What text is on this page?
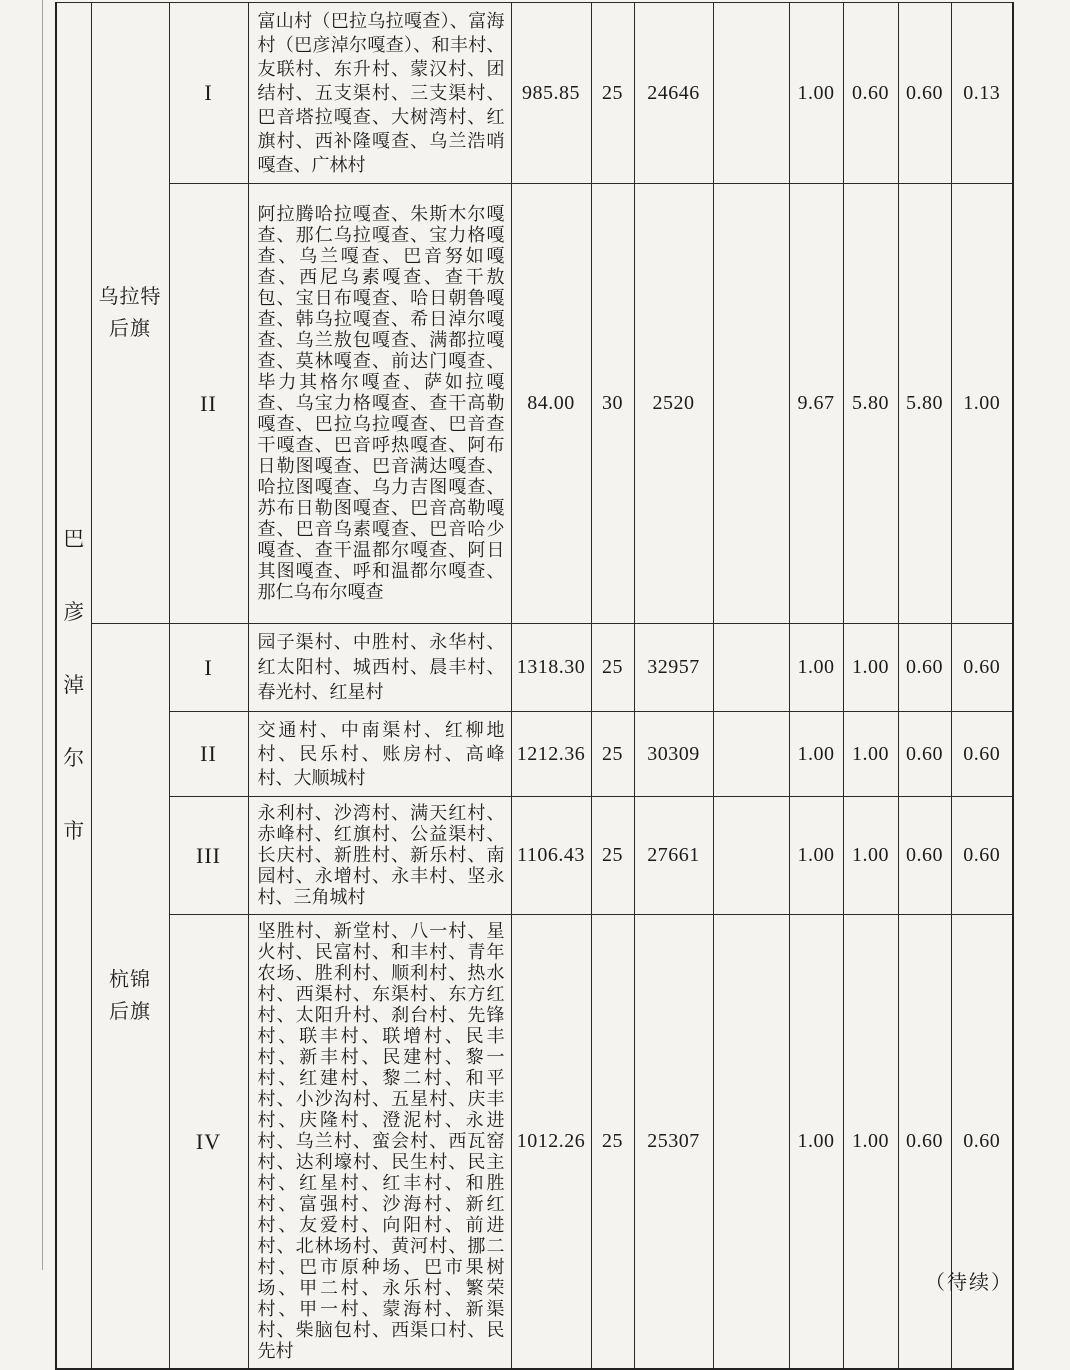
巴
彦
淖
尔
市	乌拉特后旗	I	富山村（巴拉乌拉嘎查）、富海村（巴彦淖尔嘎查）、和丰村、友联村、东升村、蒙汉村、团结村、五支渠村、三支渠村、巴音塔拉嘎查、大树湾村、红旗村、西补隆嘎查、乌兰浩哨嘎查、广林村	985.85	25	24646		1.00	0.60	0.60	0.13
		II	阿拉腾哈拉嘎查、朱斯木尔嘎查、那仁乌拉嘎查、宝力格嘎查、乌兰嘎查、巴音努如嘎查、西尼乌素嘎查、查干敖包、宝日布嘎查、哈日朝鲁嘎查、韩乌拉嘎查、希日淖尔嘎查、乌兰敖包嘎查、满都拉嘎查、莫林嘎查、前达门嘎查、毕力其格尔嘎查、萨如拉嘎查、乌宝力格嘎查、查干高勒嘎查、巴拉乌拉嘎查、巴音查干嘎查、巴音呼热嘎查、阿布日勒图嘎查、巴音满达嘎查、哈拉图嘎查、乌力吉图嘎查、苏布日勒图嘎查、巴音高勒嘎查、巴音乌素嘎查、巴音哈少嘎查、查干温都尔嘎查、阿日其图嘎查、呼和温都尔嘎查、那仁乌布尔嘎查	84.00	30	2520		9.67	5.80	5.80	1.00
	杭锦后旗	I	园子渠村、中胜村、永华村、红太阳村、城西村、晨丰村、春光村、红星村	1318.30	25	32957		1.00	1.00	0.60	0.60
		II	交通村、中南渠村、红柳地村、民乐村、账房村、高峰村、大顺城村	1212.36	25	30309		1.00	1.00	0.60	0.60
		III	永利村、沙湾村、满天红村、赤峰村、红旗村、公益渠村、长庆村、新胜村、新乐村、南园村、永增村、永丰村、坚永村、三角城村	1106.43	25	27661		1.00	1.00	0.60	0.60
		IV	坚胜村、新堂村、八一村、星火村、民富村、和丰村、青年农场、胜利村、顺利村、热水村、西渠村、东渠村、东方红村、太阳升村、刹台村、先锋村、联丰村、联增村、民丰村、新丰村、民建村、黎一村、红建村、黎二村、和平村、小沙沟村、五星村、庆丰村、庆隆村、澄泥村、永进村、乌兰村、蛮会村、西瓦窑村、达利壕村、民生村、民主村、红星村、红丰村、和胜村、富强村、沙海村、新红村、友爱村、向阳村、前进村、北林场村、黄河村、挪二村、巴市原种场、巴市果树场、甲二村、永乐村、繁荣村、甲一村、蒙海村、新渠村、柴脑包村、西渠口村、民先村	1012.26	25	25307		1.00	1.00	0.60	0.60
（待续）
